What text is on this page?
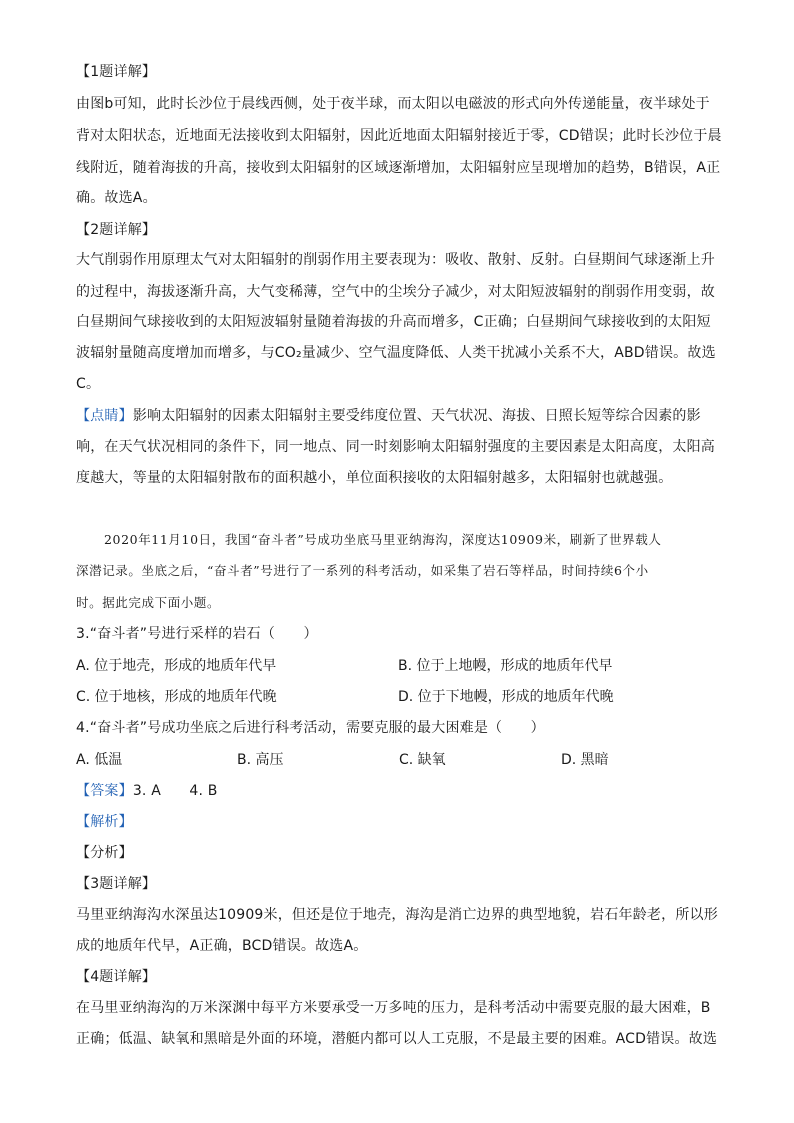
【1题详解】
由图b可知，此时长沙位于晨线西侧，处于夜半球，而太阳以电磁波的形式向外传递能量，夜半球处于
背对太阳状态，近地面无法接收到太阳辐射，因此近地面太阳辐射接近于零，CD错误；此时长沙位于晨
线附近，随着海拔的升高，接收到太阳辐射的区域逐渐增加，太阳辐射应呈现增加的趋势，B错误，A正
确。故选A。
【2题详解】
大气削弱作用原理太气对太阳辐射的削弱作用主要表现为：吸收、散射、反射。白昼期间气球逐渐上升
的过程中，海拔逐渐升高，大气变稀薄，空气中的尘埃分子减少，对太阳短波辐射的削弱作用变弱，故
白昼期间气球接收到的太阳短波辐射量随着海拔的升高而增多，C正确；白昼期间气球接收到的太阳短
波辐射量随高度增加而增多，与CO₂量减少、空气温度降低、人类干扰减小关系不大，ABD错误。故选
C。
【点睛】影响太阳辐射的因素太阳辐射主要受纬度位置、天气状况、海拔、日照长短等综合因素的影
响，在天气状况相同的条件下，同一地点、同一时刻影响太阳辐射强度的主要因素是太阳高度，太阳高
度越大，等量的太阳辐射散布的面积越小，单位面积接收的太阳辐射越多，太阳辐射也就越强。
2020年11月10日，我国“奋斗者”号成功坐底马里亚纳海沟，深度达10909米，刷新了世界载人
深潜记录。坐底之后，“奋斗者”号进行了一系列的科考活动，如采集了岩石等样品，时间持续6个小
时。据此完成下面小题。
3.“奋斗者”号进行采样的岩石（　　）
A. 位于地壳，形成的地质年代早	B. 位于上地幔，形成的地质年代早
C. 位于地核，形成的地质年代晚	D. 位于下地幔，形成的地质年代晚
4.“奋斗者”号成功坐底之后进行科考活动，需要克服的最大困难是（　　）
A. 低温	B. 高压	C. 缺氧	D. 黑暗
【答案】3. A　　4. B
【解析】
【分析】
【3题详解】
马里亚纳海沟水深虽达10909米，但还是位于地壳，海沟是消亡边界的典型地貌，岩石年龄老，所以形
成的地质年代早，A正确，BCD错误。故选A。
【4题详解】
在马里亚纳海沟的万米深渊中每平方米要承受一万多吨的压力，是科考活动中需要克服的最大困难，B
正确；低温、缺氧和黑暗是外面的环境，潜艇内都可以人工克服，不是最主要的困难。ACD错误。故选
